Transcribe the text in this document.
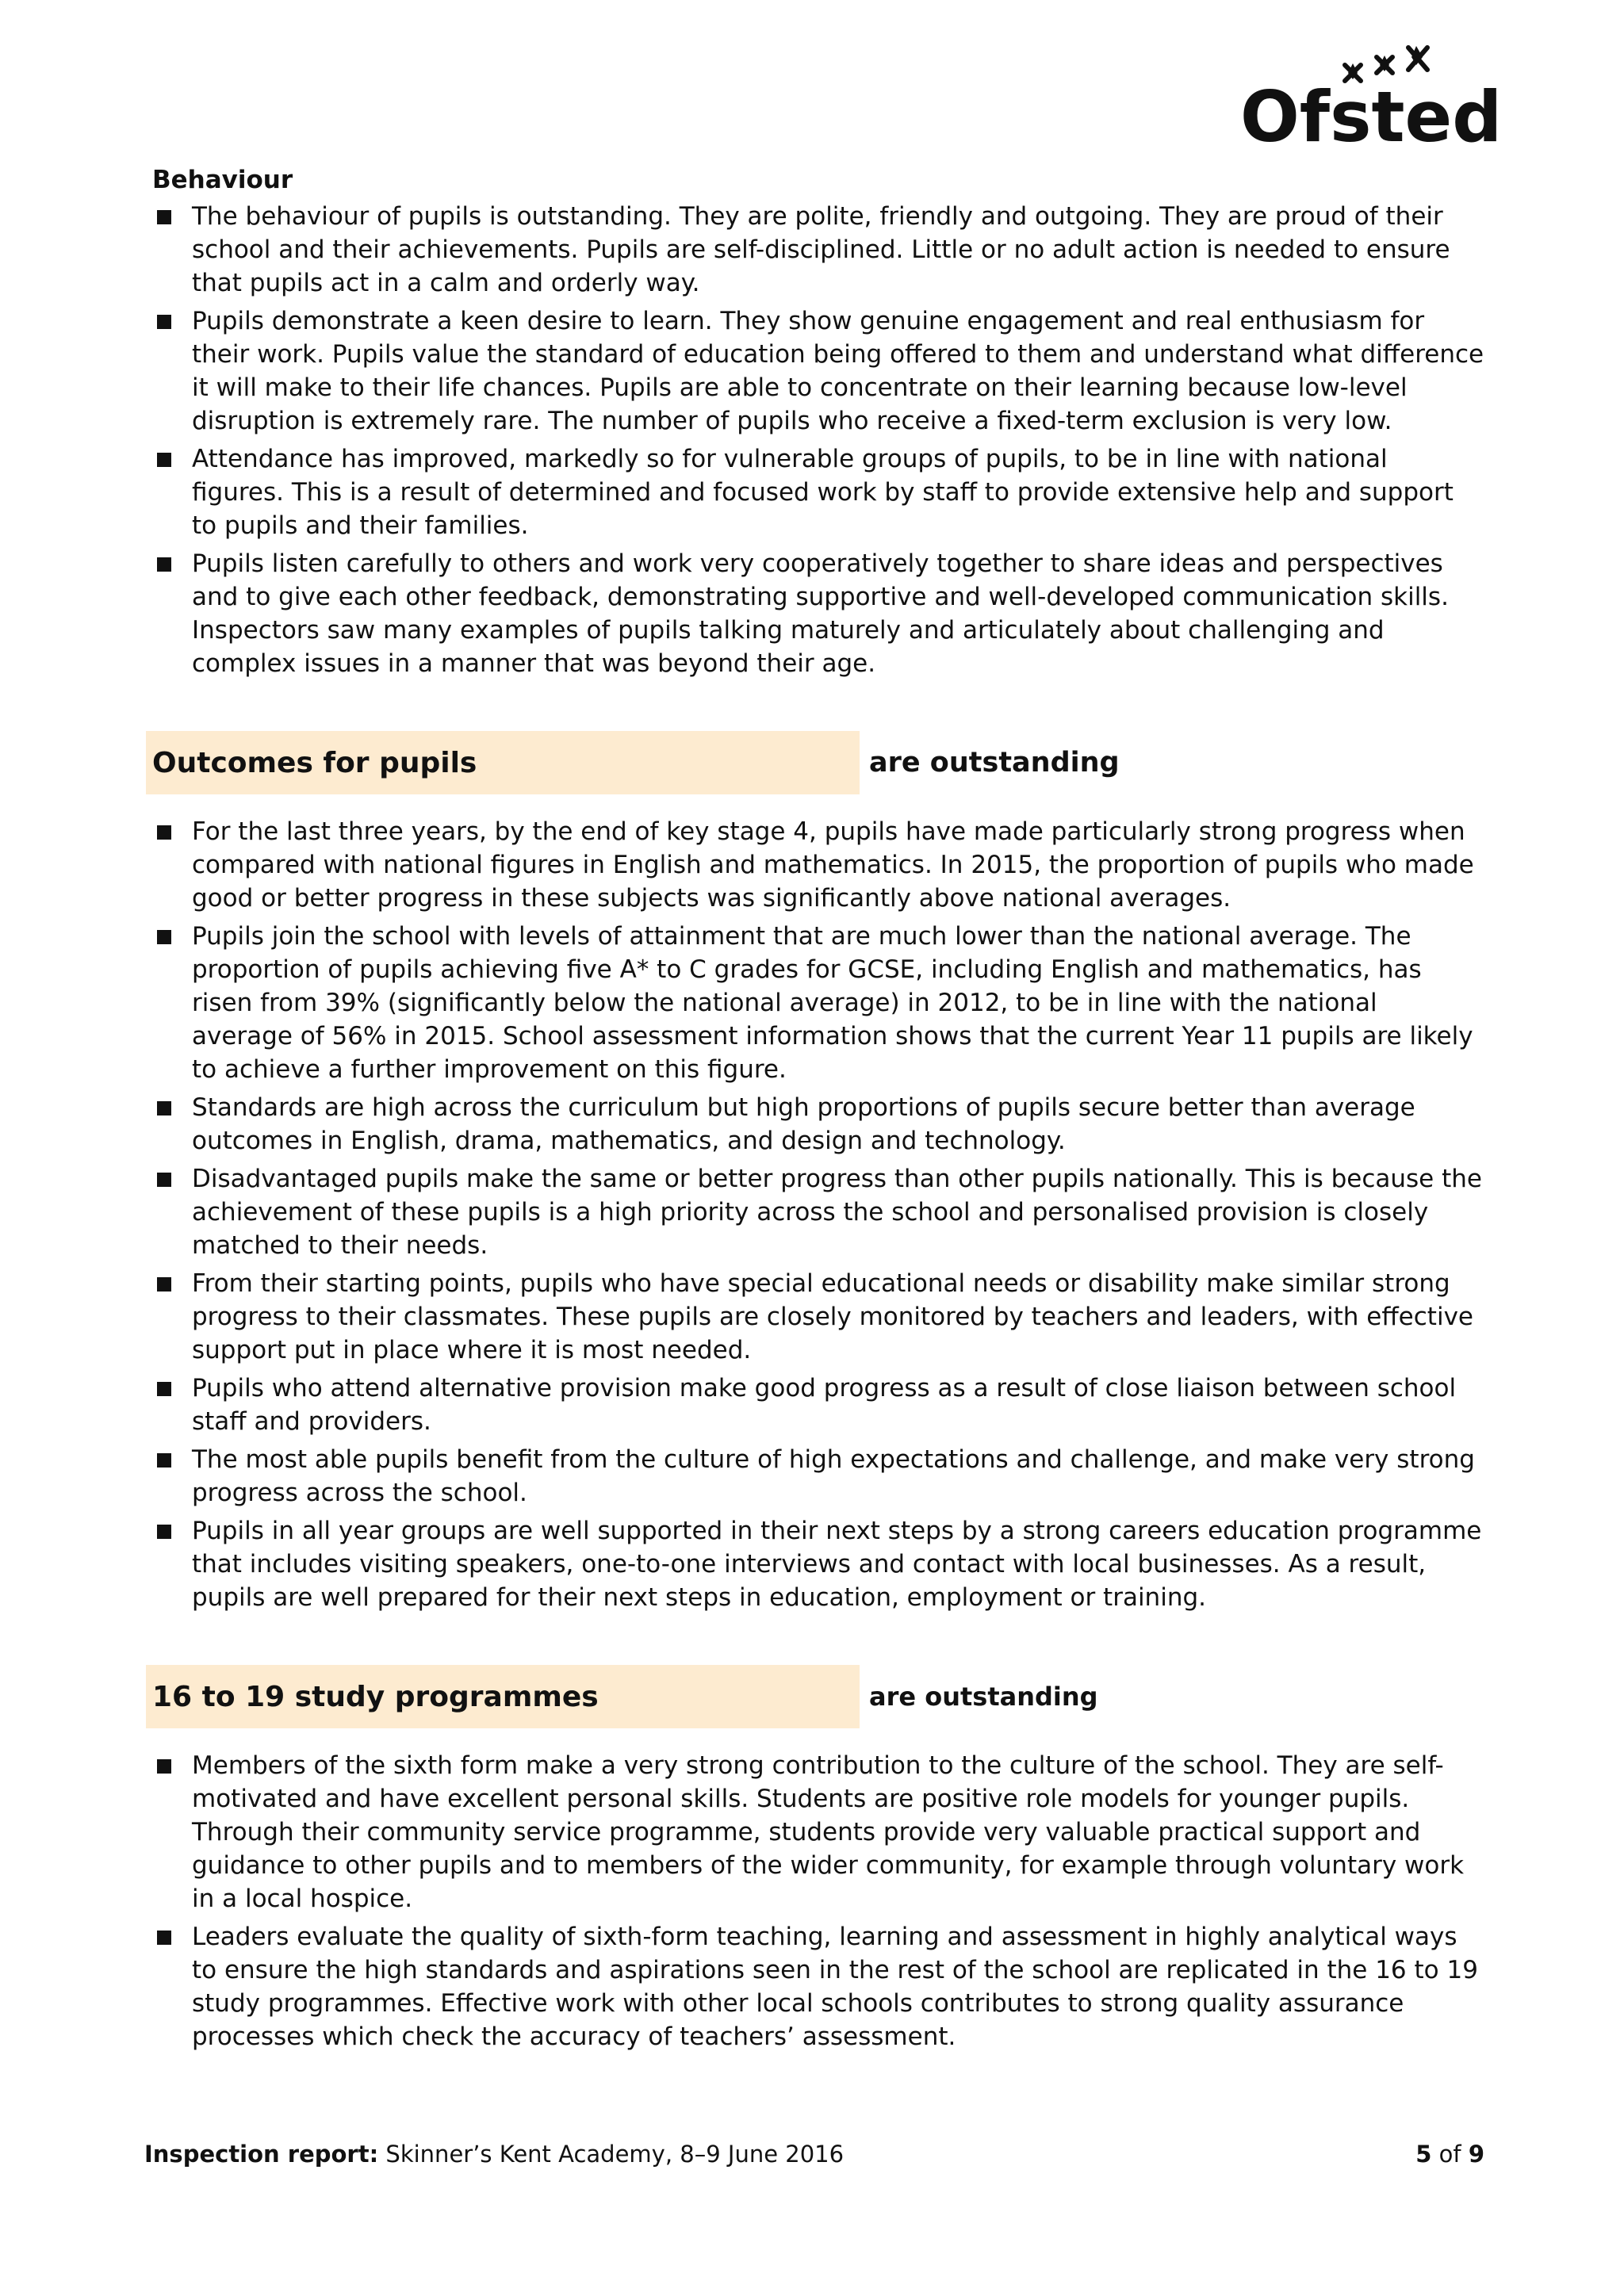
Ofsted
Behaviour
The behaviour of pupils is outstanding. They are polite, friendly and outgoing. They are proud of their school and their achievements. Pupils are self-disciplined. Little or no adult action is needed to ensure that pupils act in a calm and orderly way.
Pupils demonstrate a keen desire to learn. They show genuine engagement and real enthusiasm for their work. Pupils value the standard of education being offered to them and understand what difference it will make to their life chances. Pupils are able to concentrate on their learning because low-level disruption is extremely rare. The number of pupils who receive a fixed-term exclusion is very low.
Attendance has improved, markedly so for vulnerable groups of pupils, to be in line with national figures. This is a result of determined and focused work by staff to provide extensive help and support to pupils and their families.
Pupils listen carefully to others and work very cooperatively together to share ideas and perspectives and to give each other feedback, demonstrating supportive and well-developed communication skills. Inspectors saw many examples of pupils talking maturely and articulately about challenging and complex issues in a manner that was beyond their age.
Outcomes for pupils	are outstanding
For the last three years, by the end of key stage 4, pupils have made particularly strong progress when compared with national figures in English and mathematics. In 2015, the proportion of pupils who made good or better progress in these subjects was significantly above national averages.
Pupils join the school with levels of attainment that are much lower than the national average. The proportion of pupils achieving five A* to C grades for GCSE, including English and mathematics, has risen from 39% (significantly below the national average) in 2012, to be in line with the national average of 56% in 2015. School assessment information shows that the current Year 11 pupils are likely to achieve a further improvement on this figure.
Standards are high across the curriculum but high proportions of pupils secure better than average outcomes in English, drama, mathematics, and design and technology.
Disadvantaged pupils make the same or better progress than other pupils nationally. This is because the achievement of these pupils is a high priority across the school and personalised provision is closely matched to their needs.
From their starting points, pupils who have special educational needs or disability make similar strong progress to their classmates. These pupils are closely monitored by teachers and leaders, with effective support put in place where it is most needed.
Pupils who attend alternative provision make good progress as a result of close liaison between school staff and providers.
The most able pupils benefit from the culture of high expectations and challenge, and make very strong progress across the school.
Pupils in all year groups are well supported in their next steps by a strong careers education programme that includes visiting speakers, one-to-one interviews and contact with local businesses. As a result, pupils are well prepared for their next steps in education, employment or training.
16 to 19 study programmes	are outstanding
Members of the sixth form make a very strong contribution to the culture of the school. They are self-motivated and have excellent personal skills. Students are positive role models for younger pupils. Through their community service programme, students provide very valuable practical support and guidance to other pupils and to members of the wider community, for example through voluntary work in a local hospice.
Leaders evaluate the quality of sixth-form teaching, learning and assessment in highly analytical ways to ensure the high standards and aspirations seen in the rest of the school are replicated in the 16 to 19 study programmes. Effective work with other local schools contributes to strong quality assurance processes which check the accuracy of teachers’ assessment.
Inspection report: Skinner’s Kent Academy, 8–9 June 2016	5 of 9
